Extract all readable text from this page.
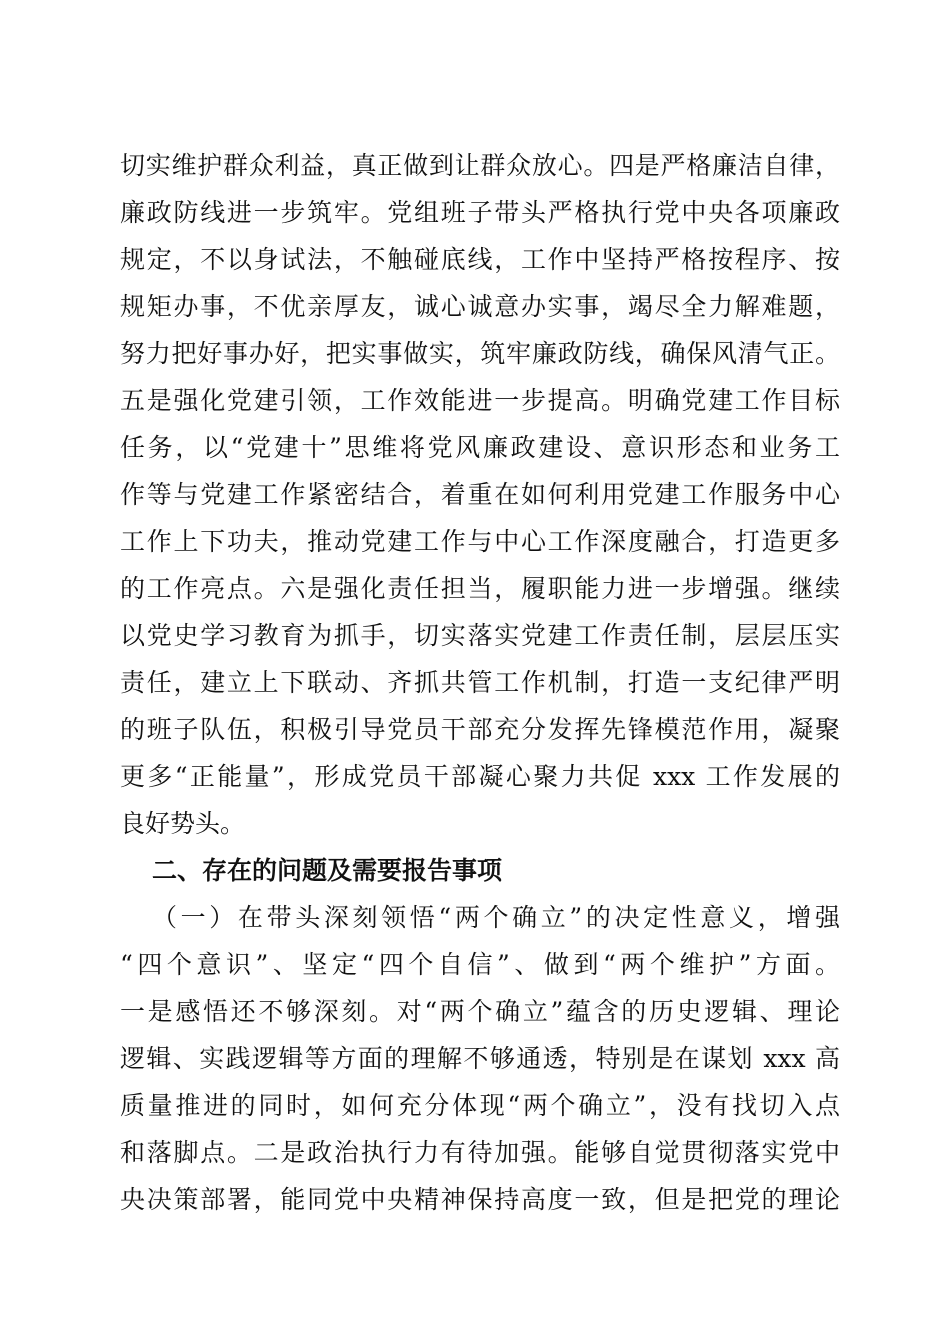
切实维护群众利益，真正做到让群众放心。四是严格廉洁自律，
廉政防线进一步筑牢。党组班子带头严格执行党中央各项廉政
规定，不以身试法，不触碰底线，工作中坚持严格按程序、按
规矩办事，不优亲厚友，诚心诚意办实事，竭尽全力解难题，
努力把好事办好，把实事做实，筑牢廉政防线，确保风清气正。
五是强化党建引领，工作效能进一步提高。明确党建工作目标
任务，以“党建十”思维将党风廉政建设、意识形态和业务工
作等与党建工作紧密结合，着重在如何利用党建工作服务中心
工作上下功夫，推动党建工作与中心工作深度融合，打造更多
的工作亮点。六是强化责任担当，履职能力进一步增强。继续
以党史学习教育为抓手，切实落实党建工作责任制，层层压实
责任，建立上下联动、齐抓共管工作机制，打造一支纪律严明
的班子队伍，积极引导党员干部充分发挥先锋模范作用，凝聚
更多“正能量”，形成党员干部凝心聚力共促 xxx 工作发展的
良好势头。
二、存在的问题及需要报告事项
（一）在带头深刻领悟“两个确立”的决定性意义，增强
“四个意识”、坚定“四个自信”、做到“两个维护”方面。
一是感悟还不够深刻。对“两个确立”蕴含的历史逻辑、理论
逻辑、实践逻辑等方面的理解不够通透，特别是在谋划 xxx 高
质量推进的同时，如何充分体现“两个确立”，没有找切入点
和落脚点。二是政治执行力有待加强。能够自觉贯彻落实党中
央决策部署，能同党中央精神保持高度一致，但是把党的理论
